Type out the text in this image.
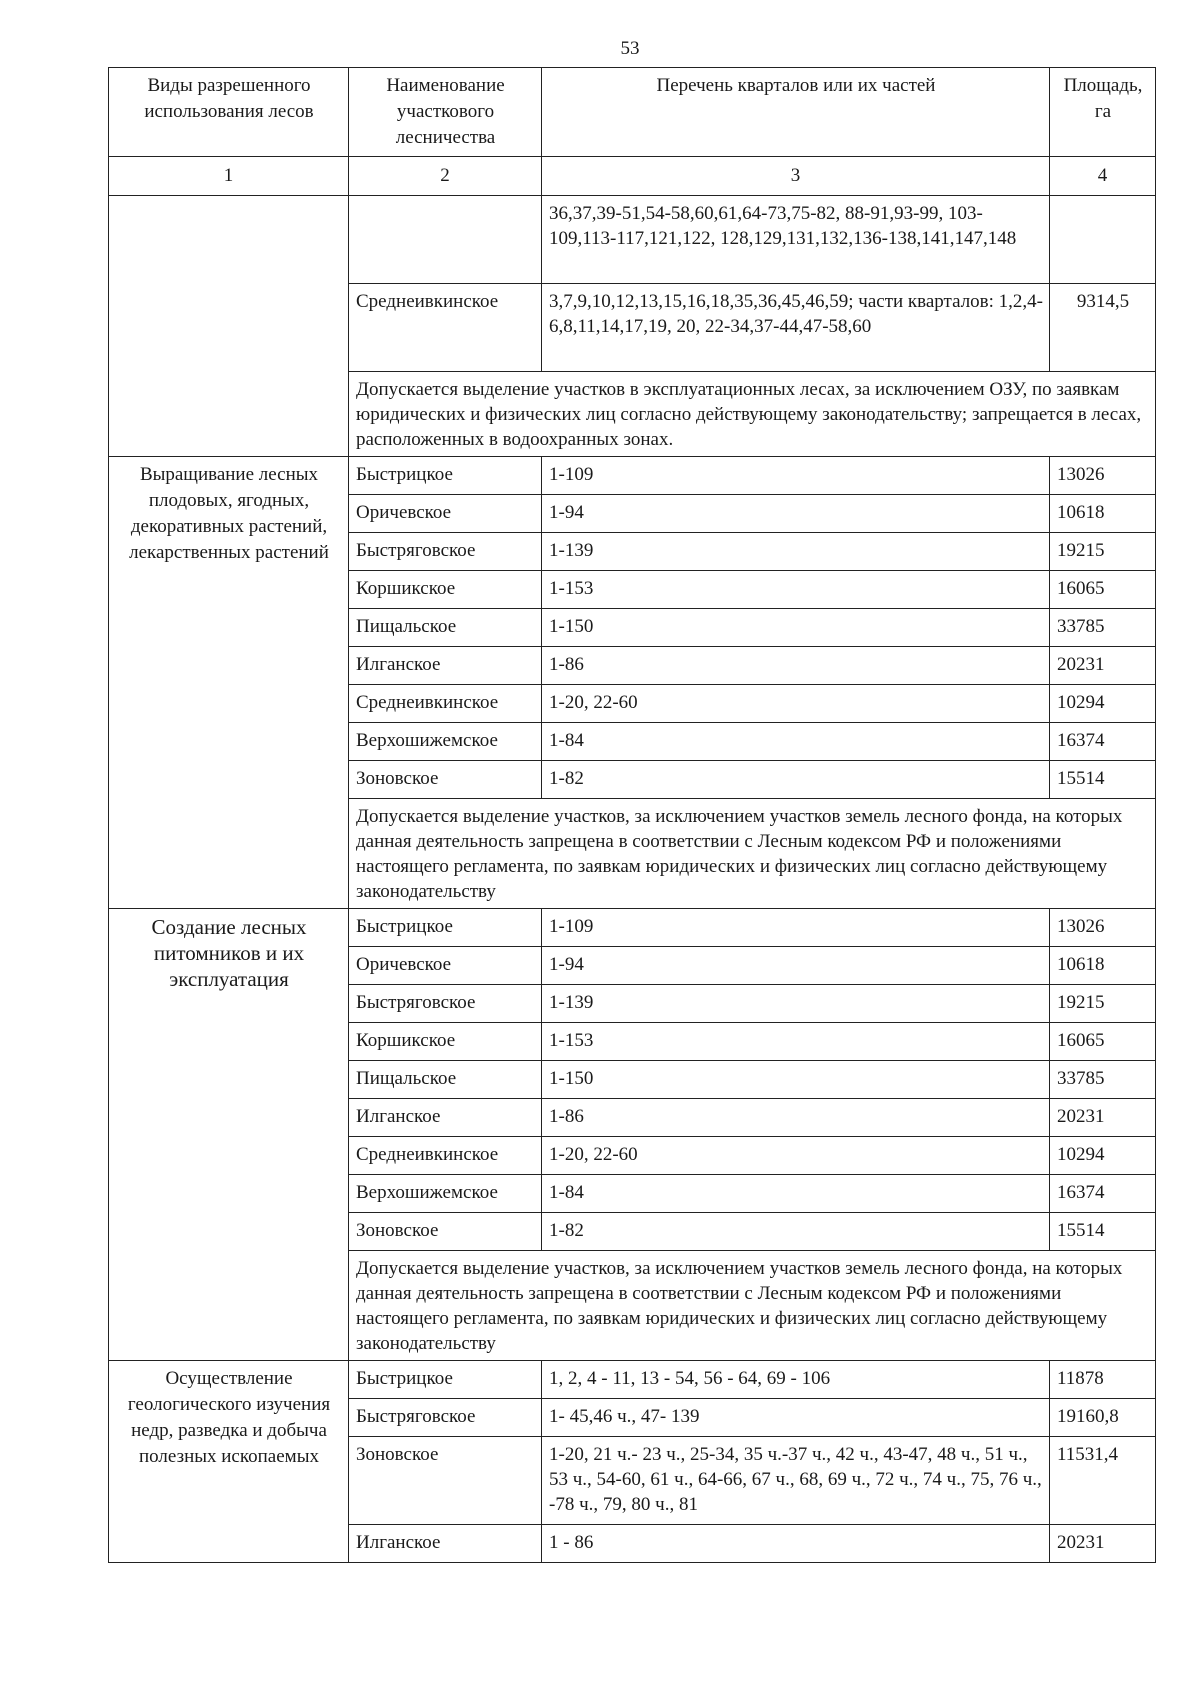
53
Виды разрешенного использования лесов	Наименование участкового лесничества	Перечень кварталов или их частей	Площадь, га
1	2	3	4
		36,37,39-51,54-58,60,61,64-73,75-82, 88-91,93-99, 103-109,113-117,121,122, 128,129,131,132,136-138,141,147,148	
	Среднеивкинское	3,7,9,10,12,13,15,16,18,35,36,45,46,59; части кварталов: 1,2,4-6,8,11,14,17,19, 20, 22-34,37-44,47-58,60	9314,5
	Допускается выделение участков в эксплуатационных лесах, за исключением ОЗУ, по заявкам юридических и физических лиц согласно действующему законодательству; запрещается в лесах, расположенных в водоохранных зонах.		
Выращивание лесных плодовых, ягодных, декоративных растений, лекарственных растений	Быстрицкое	1-109	13026
	Оричевское	1-94	10618
	Быстряговское	1-139	19215
	Коршикское	1-153	16065
	Пищальское	1-150	33785
	Илганское	1-86	20231
	Среднеивкинское	1-20, 22-60	10294
	Верхошижемское	1-84	16374
	Зоновское	1-82	15514
	Допускается выделение участков, за исключением участков земель лесного фонда, на которых данная деятельность запрещена в соответствии с Лесным кодексом РФ и положениями настоящего регламента, по заявкам юридических и физических лиц согласно действующему законодательству		
Создание лесных питомников и их эксплуатация	Быстрицкое	1-109	13026
	Оричевское	1-94	10618
	Быстряговское	1-139	19215
	Коршикское	1-153	16065
	Пищальское	1-150	33785
	Илганское	1-86	20231
	Среднеивкинское	1-20, 22-60	10294
	Верхошижемское	1-84	16374
	Зоновское	1-82	15514
	Допускается выделение участков, за исключением участков земель лесного фонда, на которых данная деятельность запрещена в соответствии с Лесным кодексом РФ и положениями настоящего регламента, по заявкам юридических и физических лиц согласно действующему законодательству		
Осуществление геологического изучения недр, разведка и добыча полезных ископаемых	Быстрицкое	1, 2, 4 - 11, 13 - 54, 56 - 64, 69 - 106	11878
	Быстряговское	1- 45,46 ч., 47- 139	19160,8
	Зоновское	1-20, 21 ч.- 23 ч., 25-34, 35 ч.-37 ч., 42 ч., 43-47, 48 ч., 51 ч., 53 ч., 54-60, 61 ч., 64-66, 67 ч., 68, 69 ч., 72 ч., 74 ч., 75, 76 ч., -78 ч., 79, 80 ч., 81	11531,4
	Илганское	1 - 86	20231
